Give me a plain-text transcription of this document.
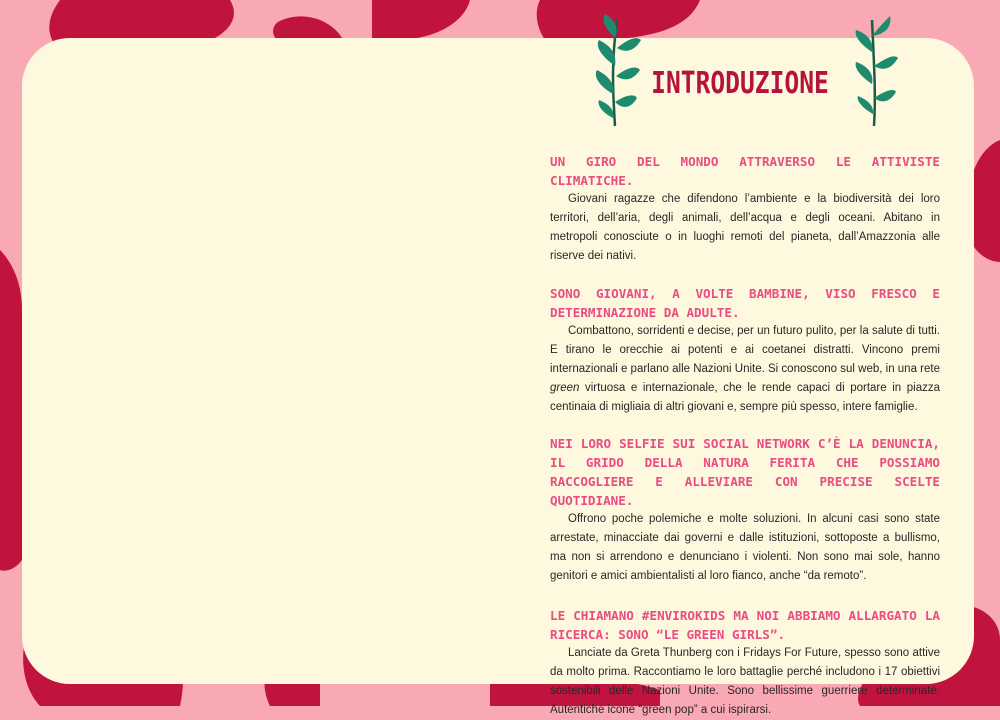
INTRODUZIONE
UN GIRO DEL MONDO ATTRAVERSO LE ATTIVISTE CLIMATICHE.
Giovani ragazze che difendono l’ambiente e la biodiversità dei loro territori, dell’aria, degli animali, dell’acqua e degli oceani. Abitano in metropoli conosciute o in luoghi remoti del pianeta, dall’Amazzonia alle riserve dei nativi.
SONO GIOVANI, A VOLTE BAMBINE, VISO FRESCO E DETERMINAZIONE DA ADULTE.
Combattono, sorridenti e decise, per un futuro pulito, per la salute di tutti. E tirano le orecchie ai potenti e ai coetanei distratti. Vincono premi internazionali e parlano alle Nazioni Unite. Si conoscono sul web, in una rete green virtuosa e internazionale, che le rende capaci di portare in piazza centinaia di migliaia di altri giovani e, sempre più spesso, intere famiglie.
NEI LORO SELFIE SUI SOCIAL NETWORK C’È LA DENUNCIA, IL GRIDO DELLA NATURA FERITA CHE POSSIAMO RACCOGLIERE E ALLEVIARE CON PRECISE SCELTE QUOTIDIANE.
Offrono poche polemiche e molte soluzioni. In alcuni casi sono state arrestate, minacciate dai governi e dalle istituzioni, sottoposte a bullismo, ma non si arrendono e denunciano i violenti. Non sono mai sole, hanno genitori e amici ambientalisti al loro fianco, anche “da remoto”.
LE CHIAMANO #ENVIROKIDS MA NOI ABBIAMO ALLARGATO LA RICERCA: SONO “LE GREEN GIRLS”.
Lanciate da Greta Thunberg con i Fridays For Future, spesso sono attive da molto prima. Raccontiamo le loro battaglie perché includono i 17 obiettivi sostenibili delle Nazioni Unite. Sono bellissime guerriere determinate. Autentiche icone “green pop” a cui ispirarsi.
